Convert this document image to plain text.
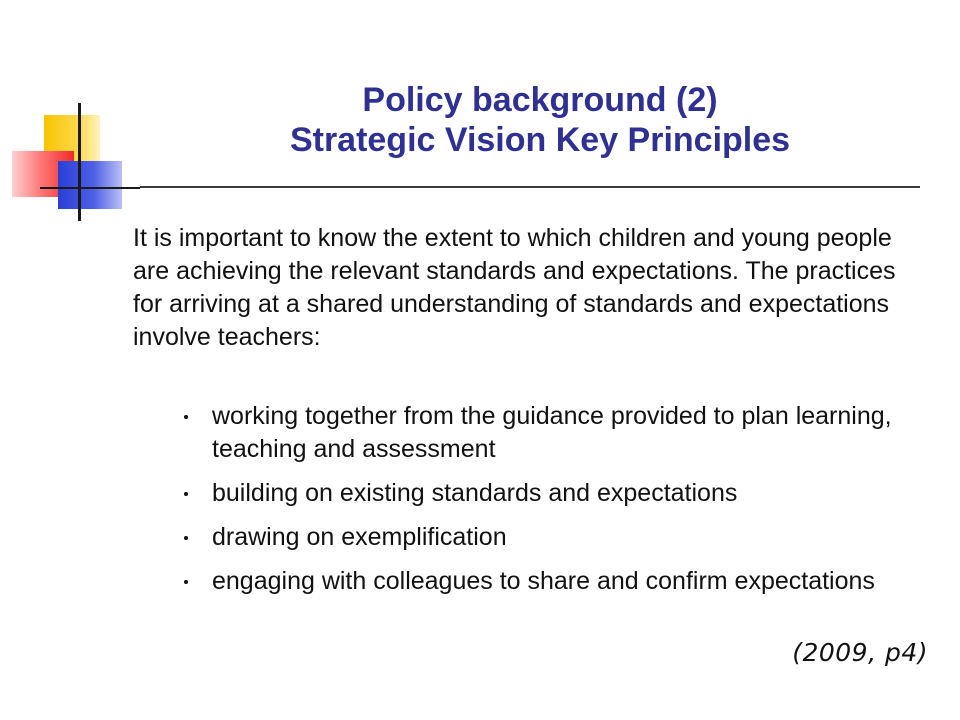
Policy background (2)
Strategic Vision Key Principles

It is important to know the extent to which children and young people are achieving the relevant standards and expectations. The practices for arriving at a shared understanding of standards and expectations involve teachers:

working together from the guidance provided to plan learning, teaching and assessment
building on existing standards and expectations
drawing on exemplification
engaging with colleagues to share and confirm expectations
(2009, p4)
